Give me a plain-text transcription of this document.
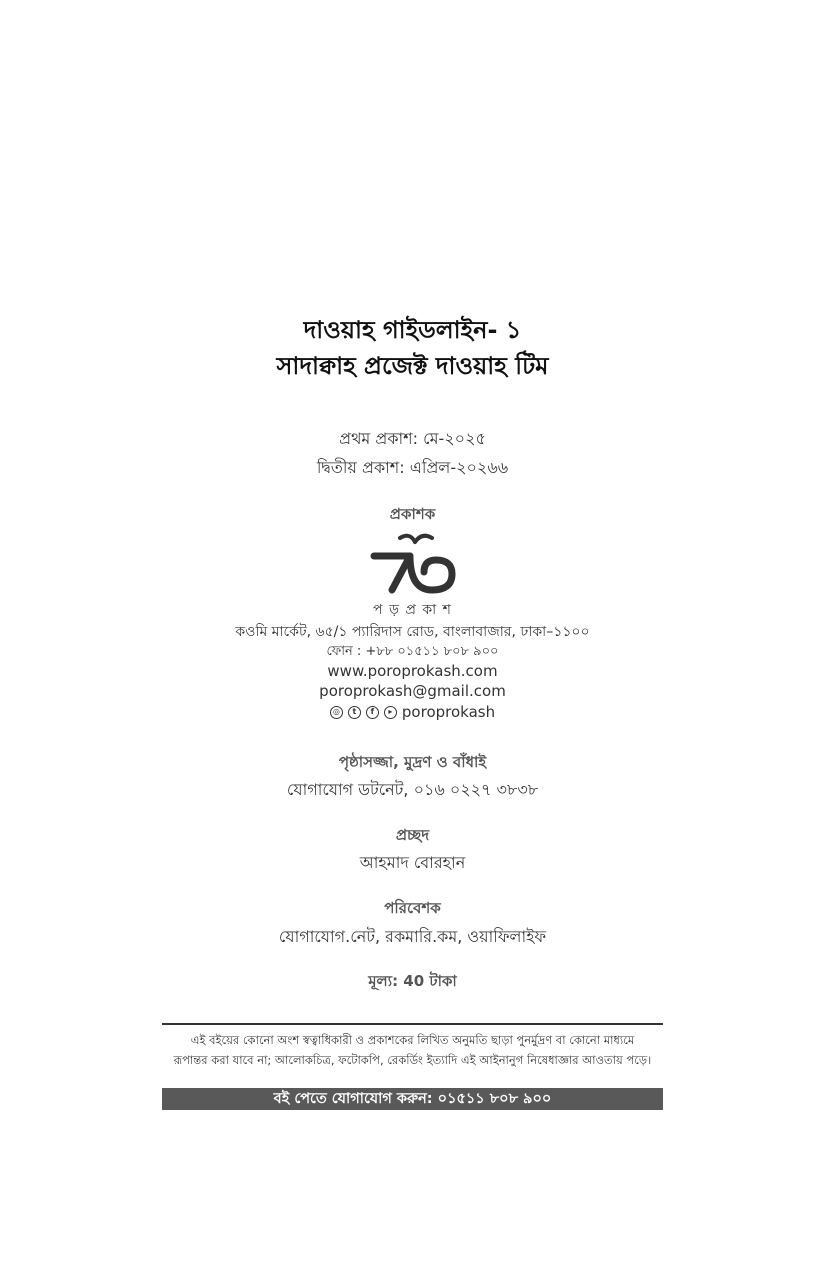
দাওয়াহ গাইডলাইন- ১
সাদাক্বাহ প্রজেক্ট দাওয়াহ টিম
প্রথম প্রকাশ: মে-২০২৫
দ্বিতীয় প্রকাশ: এপ্রিল-২০২৬৬
প্রকাশক
প ড় প্র কা শ
কওমি মার্কেট, ৬৫/১ প্যারিদাস রোড, বাংলাবাজার, ঢাকা–১১০০
ফোন : +৮৮ ০১৫১১ ৮০৮ ৯০০
www.poroprokash.com
poroprokash@gmail.com
◎	t	f	▸ poroprokash
পৃষ্ঠাসজ্জা, মুদ্রণ ও বাঁধাই
যোগাযোগ ডটনেট, ০১৬ ০২২৭ ৩৮৩৮
প্রচ্ছদ
আহমাদ বোরহান
পরিবেশক
যোগাযোগ.নেট, রকমারি.কম, ওয়াফিলাইফ
মূল্য: 40 টাকা
এই বইয়ের কোনো অংশ স্বত্বাধিকারী ও প্রকাশকের লিখিত অনুমতি ছাড়া পুনর্মুদ্রণ বা কোনো মাধ্যমে
রূপান্তর করা যাবে না; আলোকচিত্র, ফটোকপি, রেকর্ডিং ইত্যাদি এই আইনানুগ নিষেধাজ্ঞার আওতায় পড়ে।
বই পেতে যোগাযোগ করুন: ০১৫১১ ৮০৮ ৯০০
